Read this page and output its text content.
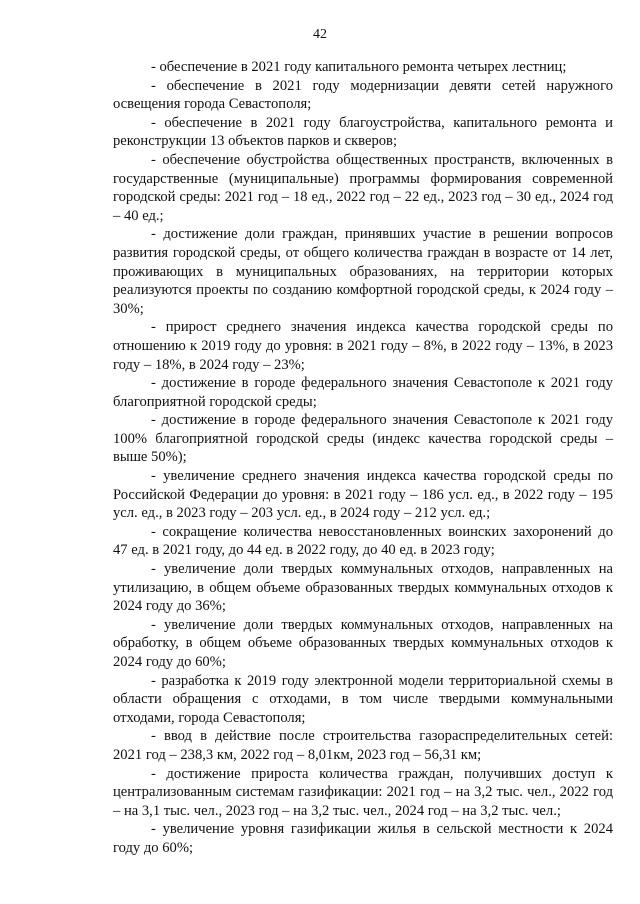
42

- обеспечение в 2021 году капитального ремонта четырех лестниц;

- обеспечение в 2021 году модернизации девяти сетей наружного освещения города Севастополя;

- обеспечение в 2021 году благоустройства, капитального ремонта и реконструкции 13 объектов парков и скверов;

- обеспечение обустройства общественных пространств, включенных в государственные (муниципальные) программы формирования современной городской среды: 2021 год – 18 ед., 2022 год – 22 ед., 2023 год – 30 ед., 2024 год – 40 ед.;

- достижение доли граждан, принявших участие в решении вопросов развития городской среды, от общего количества граждан в возрасте от 14 лет, проживающих в муниципальных образованиях, на территории которых реализуются проекты по созданию комфортной городской среды, к 2024 году – 30%;

- прирост среднего значения индекса качества городской среды по отношению к 2019 году до уровня: в 2021 году – 8%, в 2022 году – 13%, в 2023 году – 18%, в 2024 году – 23%;

- достижение в городе федерального значения Севастополе к 2021 году благоприятной городской среды;

- достижение в городе федерального значения Севастополе к 2021 году 100% благоприятной городской среды (индекс качества городской среды – выше 50%);

- увеличение среднего значения индекса качества городской среды по Российской Федерации до уровня: в 2021 году – 186 усл. ед., в 2022 году – 195 усл. ед., в 2023 году – 203 усл. ед., в 2024 году – 212 усл. ед.;

- сокращение количества невосстановленных воинских захоронений до 47 ед. в 2021 году, до 44 ед. в 2022 году, до 40 ед. в 2023 году;

- увеличение доли твердых коммунальных отходов, направленных на утилизацию, в общем объеме образованных твердых коммунальных отходов к 2024 году до 36%;

- увеличение доли твердых коммунальных отходов, направленных на обработку, в общем объеме образованных твердых коммунальных отходов к 2024 году до 60%;

- разработка к 2019 году электронной модели территориальной схемы в области обращения с отходами, в том числе твердыми коммунальными отходами, города Севастополя;

- ввод в действие после строительства газораспределительных сетей: 2021 год – 238,3 км, 2022 год – 8,01км, 2023 год – 56,31 км;

- достижение прироста количества граждан, получивших доступ к централизованным системам газификации: 2021 год – на 3,2 тыс. чел., 2022 год – на 3,1 тыс. чел., 2023 год – на 3,2 тыс. чел., 2024 год – на 3,2 тыс. чел.;

- увеличение уровня газификации жилья в сельской местности к 2024 году до 60%;
